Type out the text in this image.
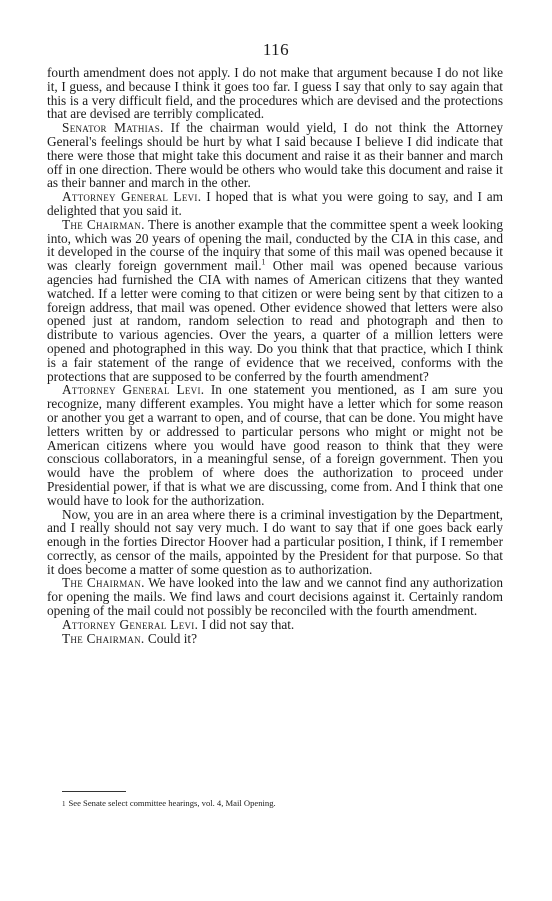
116

fourth amendment does not apply. I do not make that argument because I do not like it, I guess, and because I think it goes too far. I guess I say that only to say again that this is a very difficult field, and the procedures which are devised and the protections that are devised are terribly complicated.

Senator Mathias. If the chairman would yield, I do not think the Attorney General's feelings should be hurt by what I said because I believe I did indicate that there were those that might take this document and raise it as their banner and march off in one direction. There would be others who would take this document and raise it as their banner and march in the other.

Attorney General Levi. I hoped that is what you were going to say, and I am delighted that you said it.

The Chairman. There is another example that the committee spent a week looking into, which was 20 years of opening the mail, conducted by the CIA in this case, and it developed in the course of the inquiry that some of this mail was opened because it was clearly foreign government mail.$^1$ Other mail was opened because various agencies had furnished the CIA with names of American citizens that they wanted watched. If a letter were coming to that citizen or were being sent by that citizen to a foreign address, that mail was opened. Other evidence showed that letters were also opened just at random, random selection to read and photograph and then to distribute to various agencies. Over the years, a quarter of a million letters were opened and photographed in this way. Do you think that that practice, which I think is a fair statement of the range of evidence that we received, conforms with the protections that are supposed to be conferred by the fourth amendment?

Attorney General Levi. In one statement you mentioned, as I am sure you recognize, many different examples. You might have a letter which for some reason or another you get a warrant to open, and of course, that can be done. You might have letters written by or addressed to particular persons who might or might not be American citizens where you would have good reason to think that they were conscious collaborators, in a meaningful sense, of a foreign government. Then you would have the problem of where does the authorization to proceed under Presidential power, if that is what we are discussing, come from. And I think that one would have to look for the authorization.

Now, you are in an area where there is a criminal investigation by the Department, and I really should not say very much. I do want to say that if one goes back early enough in the forties Director Hoover had a particular position, I think, if I remember correctly, as censor of the mails, appointed by the President for that purpose. So that it does become a matter of some question as to authorization.

The Chairman. We have looked into the law and we cannot find any authorization for opening the mails. We find laws and court decisions against it. Certainly random opening of the mail could not possibly be reconciled with the fourth amendment.

Attorney General Levi. I did not say that.

The Chairman. Could it?

1 See Senate select committee hearings, vol. 4, Mail Opening.
